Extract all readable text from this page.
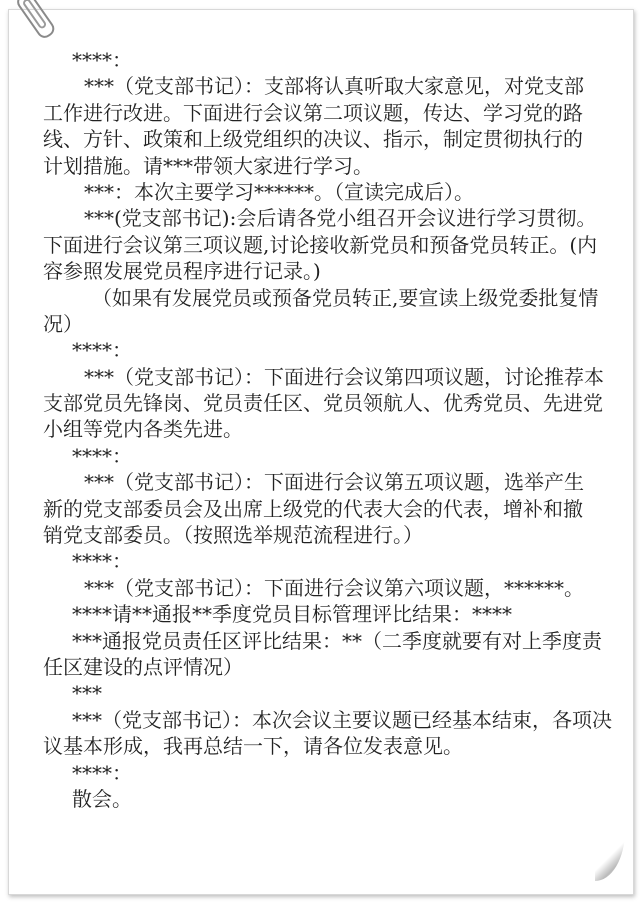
****：
***（党支部书记）：支部将认真听取大家意见，对党支部
工作进行改进。下面进行会议第二项议题，传达、学习党的路
线、方针、政策和上级党组织的决议、指示，制定贯彻执行的
计划措施。请***带领大家进行学习。
***：本次主要学习******。（宣读完成后）。
***(党支部书记):会后请各党小组召开会议进行学习贯彻。
下面进行会议第三项议题,讨论接收新党员和预备党员转正。(内
容参照发展党员程序进行记录。)
（如果有发展党员或预备党员转正,要宣读上级党委批复情
况）
****：
***（党支部书记）：下面进行会议第四项议题，讨论推荐本
支部党员先锋岗、党员责任区、党员领航人、优秀党员、先进党
小组等党内各类先进。
****：
***（党支部书记）：下面进行会议第五项议题，选举产生
新的党支部委员会及出席上级党的代表大会的代表，增补和撤
销党支部委员。（按照选举规范流程进行。）
****：
***（党支部书记）：下面进行会议第六项议题，******。
****请**通报**季度党员目标管理评比结果：****
***通报党员责任区评比结果：**（二季度就要有对上季度责
任区建设的点评情况）
***
***（党支部书记）：本次会议主要议题已经基本结束，各项决
议基本形成，我再总结一下，请各位发表意见。
****：
散会。
